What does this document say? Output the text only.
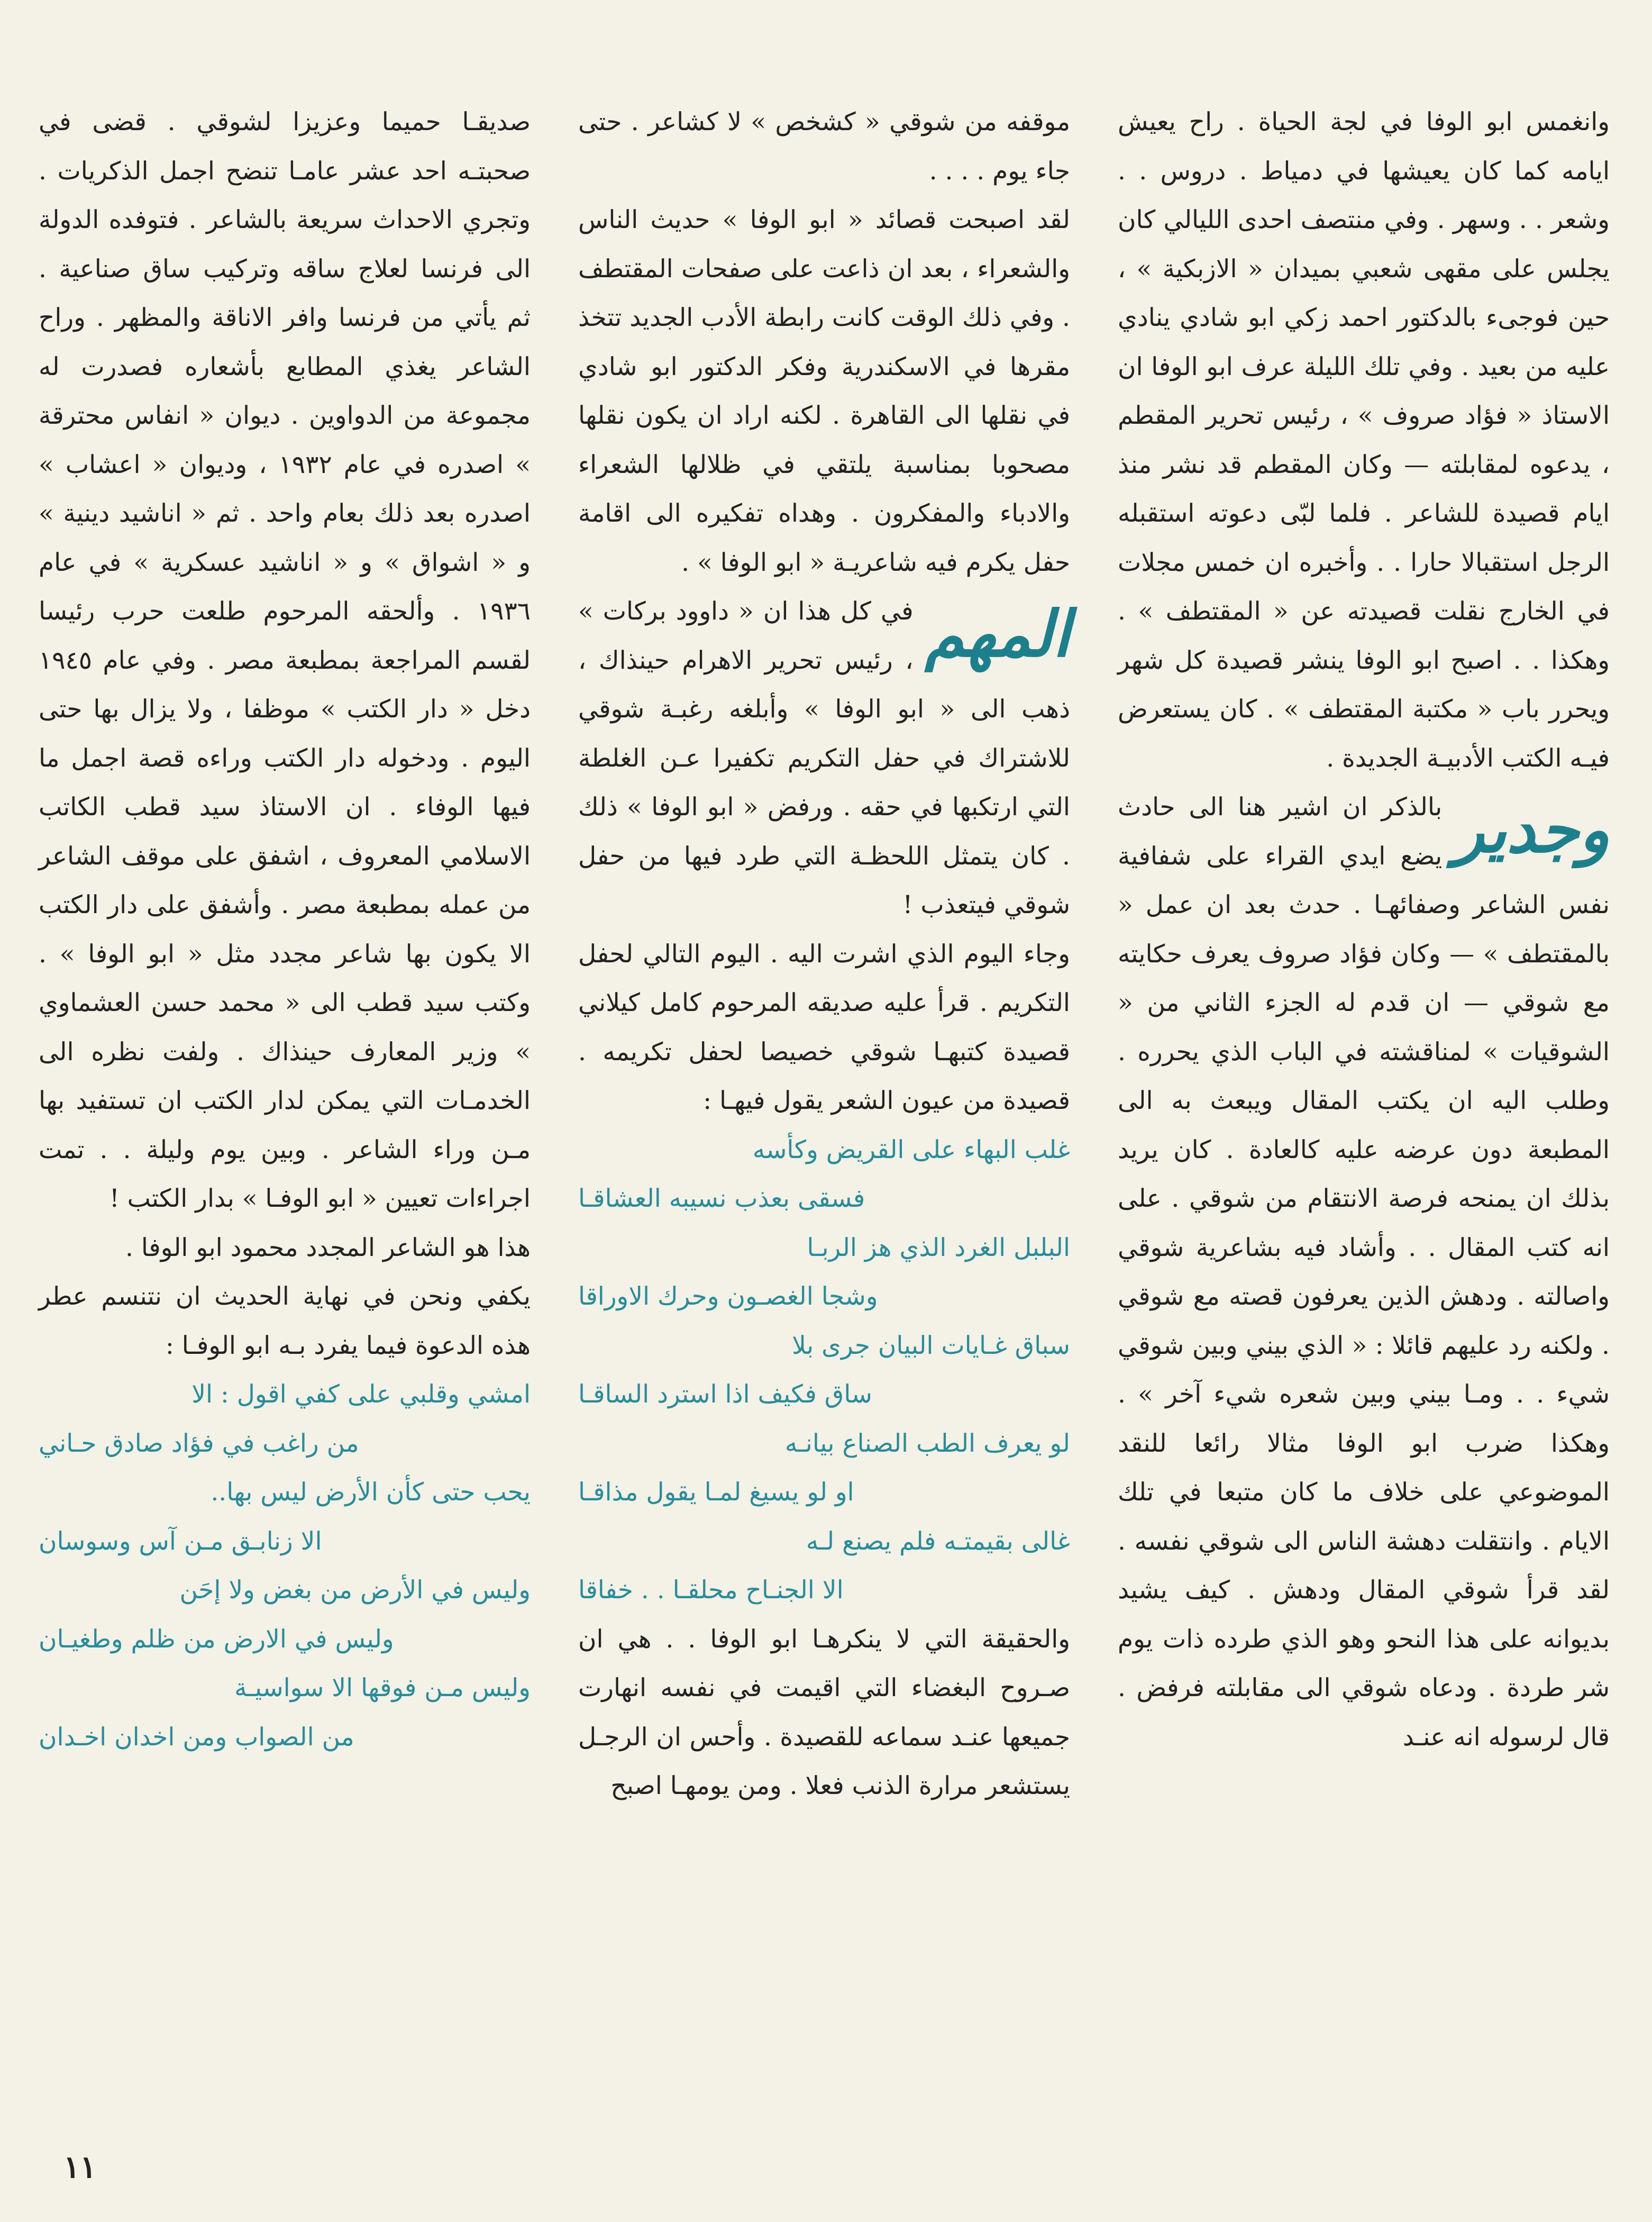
وانغمس ابو الوفا في لجة الحياة . راح يعيش ايامه كما كان يعيشها في دمياط . دروس . . وشعر . . وسهر . وفي منتصف احدى الليالي كان يجلس على مقهى شعبي بميدان « الازبكية » ، حين فوجىء بالدكتور احمد زكي ابو شادي ينادي عليه من بعيد . وفي تلك الليلة عرف ابو الوفا ان الاستاذ « فؤاد صروف » ، رئيس تحرير المقطم ، يدعوه لمقابلته — وكان المقطم قد نشر منذ ايام قصيدة للشاعر . فلما لبّى دعوته استقبله الرجل استقبالا حارا . . وأخبره ان خمس مجلات في الخارج نقلت قصيدته عن « المقتطف » . وهكذا . . اصبح ابو الوفا ينشر قصيدة كل شهر ويحرر باب « مكتبة المقتطف » . كان يستعرض فيـه الكتب الأدبيـة الجديدة .

وجدير

بالذكر ان اشير هنا الى حادث يضع ايدي القراء على شفافية نفس الشاعر وصفائهـا . حدث بعد ان عمل « بالمقتطف » — وكان فؤاد صروف يعرف حكايته مع شوقي — ان قدم له الجزء الثاني من « الشوقيات » لمناقشته في الباب الذي يحرره . وطلب اليه ان يكتب المقال ويبعث به الى المطبعة دون عرضه عليه كالعادة . كان يريد بذلك ان يمنحه فرصة الانتقام من شوقي . على انه كتب المقال . . وأشاد فيه بشاعرية شوقي واصالته . ودهش الذين يعرفون قصته مع شوقي . ولكنه رد عليهم قائلا : « الذي بيني وبين شوقي شيء . . ومـا بيني وبين شعره شيء آخر » . وهكذا ضرب ابو الوفا مثالا رائعا للنقد الموضوعي على خلاف ما كان متبعا في تلك الايام . وانتقلت دهشة الناس الى شوقي نفسه . لقد قرأ شوقي المقال ودهش . كيف يشيد بديوانه على هذا النحو وهو الذي طرده ذات يوم شر طردة . ودعاه شوقي الى مقابلته فرفض . قال لرسوله انه عنـد

موقفه من شوقي « كشخص » لا كشاعر . حتى جاء يوم . . . .

لقد اصبحت قصائد « ابو الوفا » حديث الناس والشعراء ، بعد ان ذاعت على صفحات المقتطف . وفي ذلك الوقت كانت رابطة الأدب الجديد تتخذ مقرها في الاسكندرية وفكر الدكتور ابو شادي في نقلها الى القاهرة . لكنه اراد ان يكون نقلها مصحوبا بمناسبة يلتقي في ظلالها الشعراء والادباء والمفكرون . وهداه تفكيره الى اقامة حفل يكرم فيه شاعريـة « ابو الوفا » .

المهم

في كل هذا ان « داوود بركات » ، رئيس تحرير الاهرام حينذاك ، ذهب الى « ابو الوفا » وأبلغه رغبـة شوقي للاشتراك في حفل التكريم تكفيرا عـن الغلطة التي ارتكبها في حقه . ورفض « ابو الوفا » ذلك . كان يتمثل اللحظـة التي طرد فيها من حفل شوقي فيتعذب !

وجاء اليوم الذي اشرت اليه . اليوم التالي لحفل التكريم . قرأ عليه صديقه المرحوم كامل كيلاني قصيدة كتبهـا شوقي خصيصا لحفل تكريمه . قصيدة من عيون الشعر يقول فيهـا :

غلب البهاء على القريض وكأسه

فسقى بعذب نسيبه العشاقـا

البلبل الغرد الذي هز الربـا

وشجا الغصـون وحرك الاوراقا

سباق غـايات البيان جرى بلا

ساق فكيف اذا استرد الساقـا

لو يعرف الطب الصناع بيانـه

او لو يسيغ لمـا يقول مذاقـا

غالى بقيمتـه فلم يصنع لـه

الا الجنـاح محلقـا . . خفاقا

والحقيقة التي لا ينكرهـا ابو الوفا . . هي ان صـروح البغضاء التي اقيمت في نفسه انهارت جميعها عنـد سماعه للقصيدة . وأحس ان الرجـل يستشعر مرارة الذنب فعلا . ومن يومهـا اصبح

صديقـا حميما وعزيزا لشوقي . قضى في صحبتـه احد عشر عامـا تنضح اجمل الذكريات . وتجري الاحداث سريعة بالشاعر . فتوفده الدولة الى فرنسا لعلاج ساقه وتركيب ساق صناعية . ثم يأتي من فرنسا وافر الاناقة والمظهر . وراح الشاعر يغذي المطابع بأشعاره فصدرت له مجموعة من الدواوين . ديوان « انفاس محترقة » اصدره في عام ١٩٣٢ ، وديوان « اعشاب » اصدره بعد ذلك بعام واحد . ثم « اناشيد دينية » و « اشواق » و « اناشيد عسكرية » في عام ١٩٣٦ . وألحقه المرحوم طلعت حرب رئيسا لقسم المراجعة بمطبعة مصر . وفي عام ١٩٤٥ دخل « دار الكتب » موظفا ، ولا يزال بها حتى اليوم . ودخوله دار الكتب وراءه قصة اجمل ما فيها الوفاء . ان الاستاذ سيد قطب الكاتب الاسلامي المعروف ، اشفق على موقف الشاعر من عمله بمطبعة مصر . وأشفق على دار الكتب الا يكون بها شاعر مجدد مثل « ابو الوفا » . وكتب سيد قطب الى « محمد حسن العشماوي » وزير المعارف حينذاك . ولفت نظره الى الخدمـات التي يمكن لدار الكتب ان تستفيد بها مـن وراء الشاعر . وبين يوم وليلة . . تمت اجراءات تعيين « ابو الوفـا » بدار الكتب !

هذا هو الشاعر المجدد محمود ابو الوفا .

يكفي ونحن في نهاية الحديث ان نتنسم عطر هذه الدعوة فيما يفرد بـه ابو الوفـا :

امشي وقلبي على كفي اقول : الا

من راغب في فؤاد صادق حـاني

يحب حتى كأن الأرض ليس بها..

الا زنابـق مـن آس وسوسان

وليس في الأرض من بغض ولا إحَن

وليس في الارض من ظلم وطغيـان

وليس مـن فوقها الا سواسيـة

من الصواب ومن اخدان اخـدان

١١
